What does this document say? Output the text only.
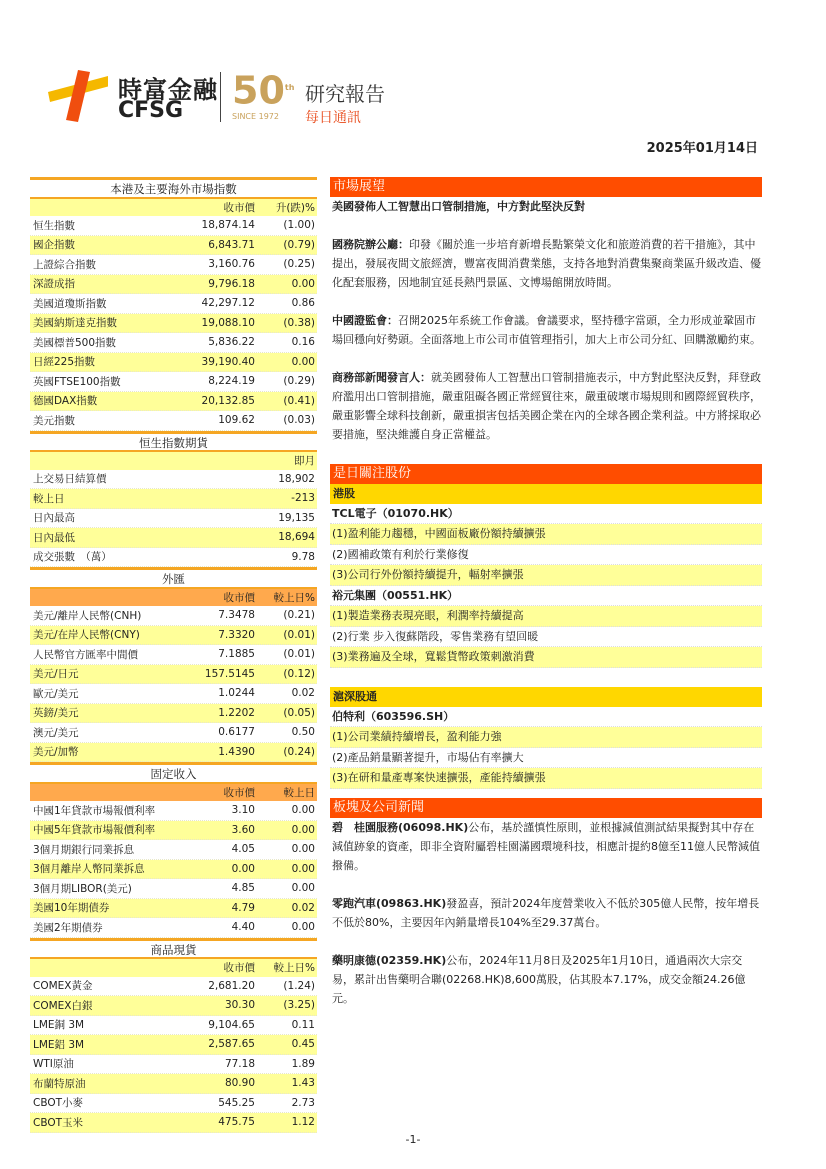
時富金融
CFSG 50th
SINCE 1972
研究報告
每日通訊
2025年01月14日
本港及主要海外市場指數
收市價	升(跌)%
恒生指數	18,874.14	(1.00)
國企指數	6,843.71	(0.79)
上證綜合指數	3,160.76	(0.25)
深證成指	9,796.18	0.00
美國道瓊斯指數	42,297.12	0.86
美國納斯達克指數	19,088.10	(0.38)
美國標普500指數	5,836.22	0.16
日經225指數	39,190.40	0.00
英國FTSE100指數	8,224.19	(0.29)
德國DAX指數	20,132.85	(0.41)
美元指數	109.62	(0.03)
恒生指數期貨
即月
上交易日結算價	18,902
較上日	-213
日內最高	19,135
日內最低	18,694
成交張數　（萬）	9.78
外匯
收市價	較上日%
美元/離岸人民幣(CNH)	7.3478	(0.21)
美元/在岸人民幣(CNY)	7.3320	(0.01)
人民幣官方匯率中間價	7.1885	(0.01)
美元/日元	157.5145	(0.12)
歐元/美元	1.0244	0.02
英鎊/美元	1.2202	(0.05)
澳元/美元	0.6177	0.50
美元/加幣	1.4390	(0.24)
固定收入
收市價	較上日
中國1年貸款市場報價利率	3.10	0.00
中國5年貸款市場報價利率	3.60	0.00
3個月期銀行同業拆息	4.05	0.00
3個月離岸人幣同業拆息	0.00	0.00
3個月期LIBOR(美元)	4.85	0.00
美國10年期債券	4.79	0.02
美國2年期債券	4.40	0.00
商品現貨
收市價	較上日%
COMEX黃金	2,681.20	(1.24)
COMEX白銀	30.30	(3.25)
LME銅 3M	9,104.65	0.11
LME鋁 3M	2,587.65	0.45
WTI原油	77.18	1.89
布蘭特原油	80.90	1.43
CBOT小麥	545.25	2.73
CBOT玉米	475.75	1.12
市場展望
美國發佈人工智慧出口管制措施，中方對此堅決反對

國務院辦公廳：印發《關於進一步培育新增長點繁榮文化和旅遊消費的若干措施》，其中提出，發展夜間文旅經濟，豐富夜間消費業態，支持各地對消費集聚商業區升級改造、優化配套服務，因地制宜延長熱門景區、文博場館開放時間。

中國證監會：召開2025年系統工作會議。會議要求，堅持穩字當頭，全力形成並鞏固市場回穩向好勢頭。全面落地上市公司市值管理指引，加大上市公司分紅、回購激勵約束。

商務部新聞發言人：就美國發佈人工智慧出口管制措施表示，中方對此堅決反對，拜登政府濫用出口管制措施，嚴重阻礙各國正常經貿往來，嚴重破壞市場規則和國際經貿秩序，嚴重影響全球科技創新，嚴重損害包括美國企業在內的全球各國企業利益。中方將採取必要措施，堅決維護自身正當權益。

是日關注股份
港股
TCL電子（01070.HK）
(1)盈利能力趨穩，中國面板廠份額持續擴張
(2)國補政策有利於行業修復
(3)公司行外份額持續提升，輻射率擴張
裕元集團（00551.HK）
(1)製造業務表現亮眼，利潤率持續提高
(2)行業 步入復蘇階段，零售業務有望回暖
(3)業務遍及全球，寬鬆貨幣政策刺激消費
滬深股通
伯特利（603596.SH）
(1)公司業績持續增長，盈利能力強
(2)產品銷量顯著提升，市場佔有率擴大
(3)在研和量產專案快速擴張，產能持續擴張
板塊及公司新聞

碧　桂園服務(06098.HK)公布，基於謹慎性原則，並根據減值測試結果擬對其中存在減值跡象的資產，即非全資附屬碧桂園滿國環境科技，相應計提約8億至11億人民幣減值撥備。

零跑汽車(09863.HK)發盈喜，預計2024年度營業收入不低於305億人民幣，按年增長不低於80%，主要因年內銷量增長104%至29.37萬台。

藥明康德(02359.HK)公布，2024年11月8日及2025年1月10日，通過兩次大宗交易，累計出售藥明合聯(02268.HK)8,600萬股，佔其股本7.17%，成交金額24.26億元。

-1-
